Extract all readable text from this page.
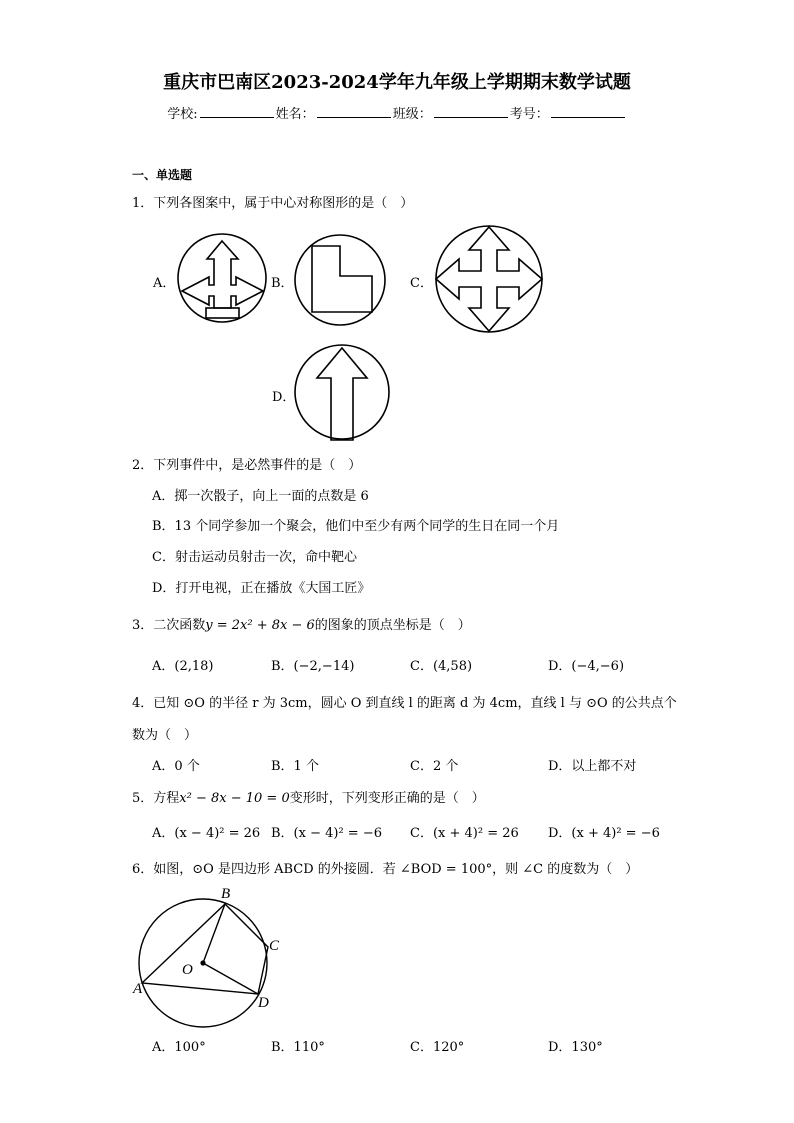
重庆市巴南区2023-2024学年九年级上学期期末数学试题
学校:	姓名：	班级：	考号：
一、单选题
1．下列各图案中，属于中心对称图形的是（　）
A．	B．	C．
D．
2．下列事件中，是必然事件的是（　）
A．掷一次骰子，向上一面的点数是 6
B．13 个同学参加一个聚会，他们中至少有两个同学的生日在同一个月
C．射击运动员射击一次，命中靶心
D．打开电视，正在播放《大国工匠》
3．二次函数y = 2x² + 8x − 6的图象的顶点坐标是（　）
A．(2,18)	B．(−2,−14)	C．(4,58)	D．(−4,−6)
4．已知 ⊙O 的半径 r 为 3cm，圆心 O 到直线 l 的距离 d 为 4cm，直线 l 与 ⊙O 的公共点个
数为（　）
A．0 个	B．1 个	C．2 个	D．以上都不对
5．方程x² − 8x − 10 = 0变形时，下列变形正确的是（　）
A．(x − 4)² = 26 B．(x − 4)² = −6 C．(x + 4)² = 26 D．(x + 4)² = −6
6．如图，⊙O 是四边形 ABCD 的外接圆．若 ∠BOD = 100°，则 ∠C 的度数为（　）
B
C
D
A
O
A．100°	B．110°	C．120°	D．130°
